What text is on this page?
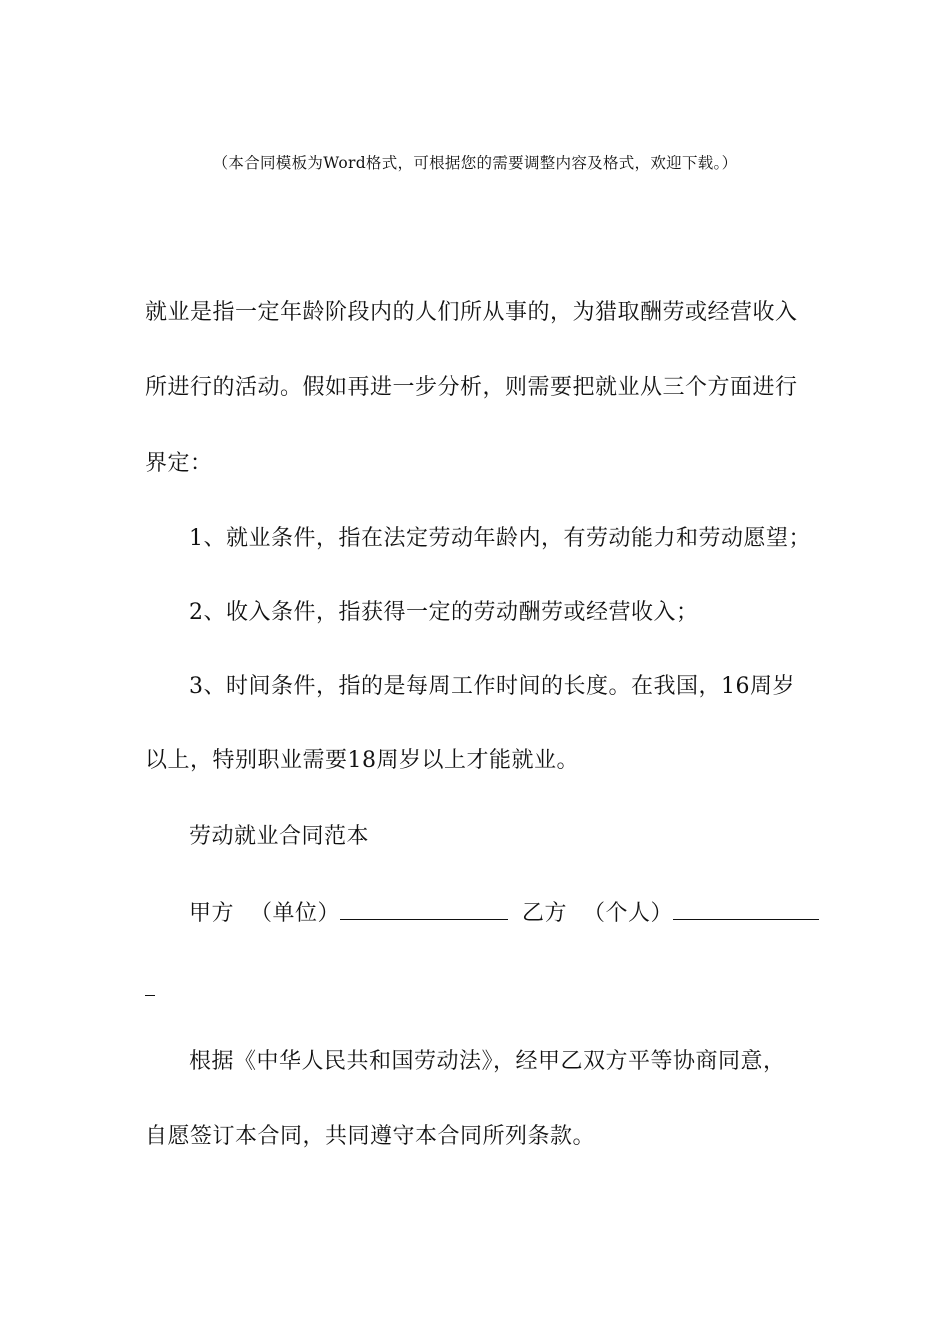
（本合同模板为Word格式，可根据您的需要调整内容及格式，欢迎下载。）
就业是指一定年龄阶段内的人们所从事的，为猎取酬劳或经营收入
所进行的活动。假如再进一步分析，则需要把就业从三个方面进行
界定：
1、就业条件，指在法定劳动年龄内，有劳动能力和劳动愿望；
2、收入条件，指获得一定的劳动酬劳或经营收入；
3、时间条件，指的是每周工作时间的长度。在我国，16周岁
以上，特别职业需要18周岁以上才能就业。
劳动就业合同范本
甲方 （单位）	乙方 （个人）
根据《中华人民共和国劳动法》，经甲乙双方平等协商同意，
自愿签订本合同，共同遵守本合同所列条款。
